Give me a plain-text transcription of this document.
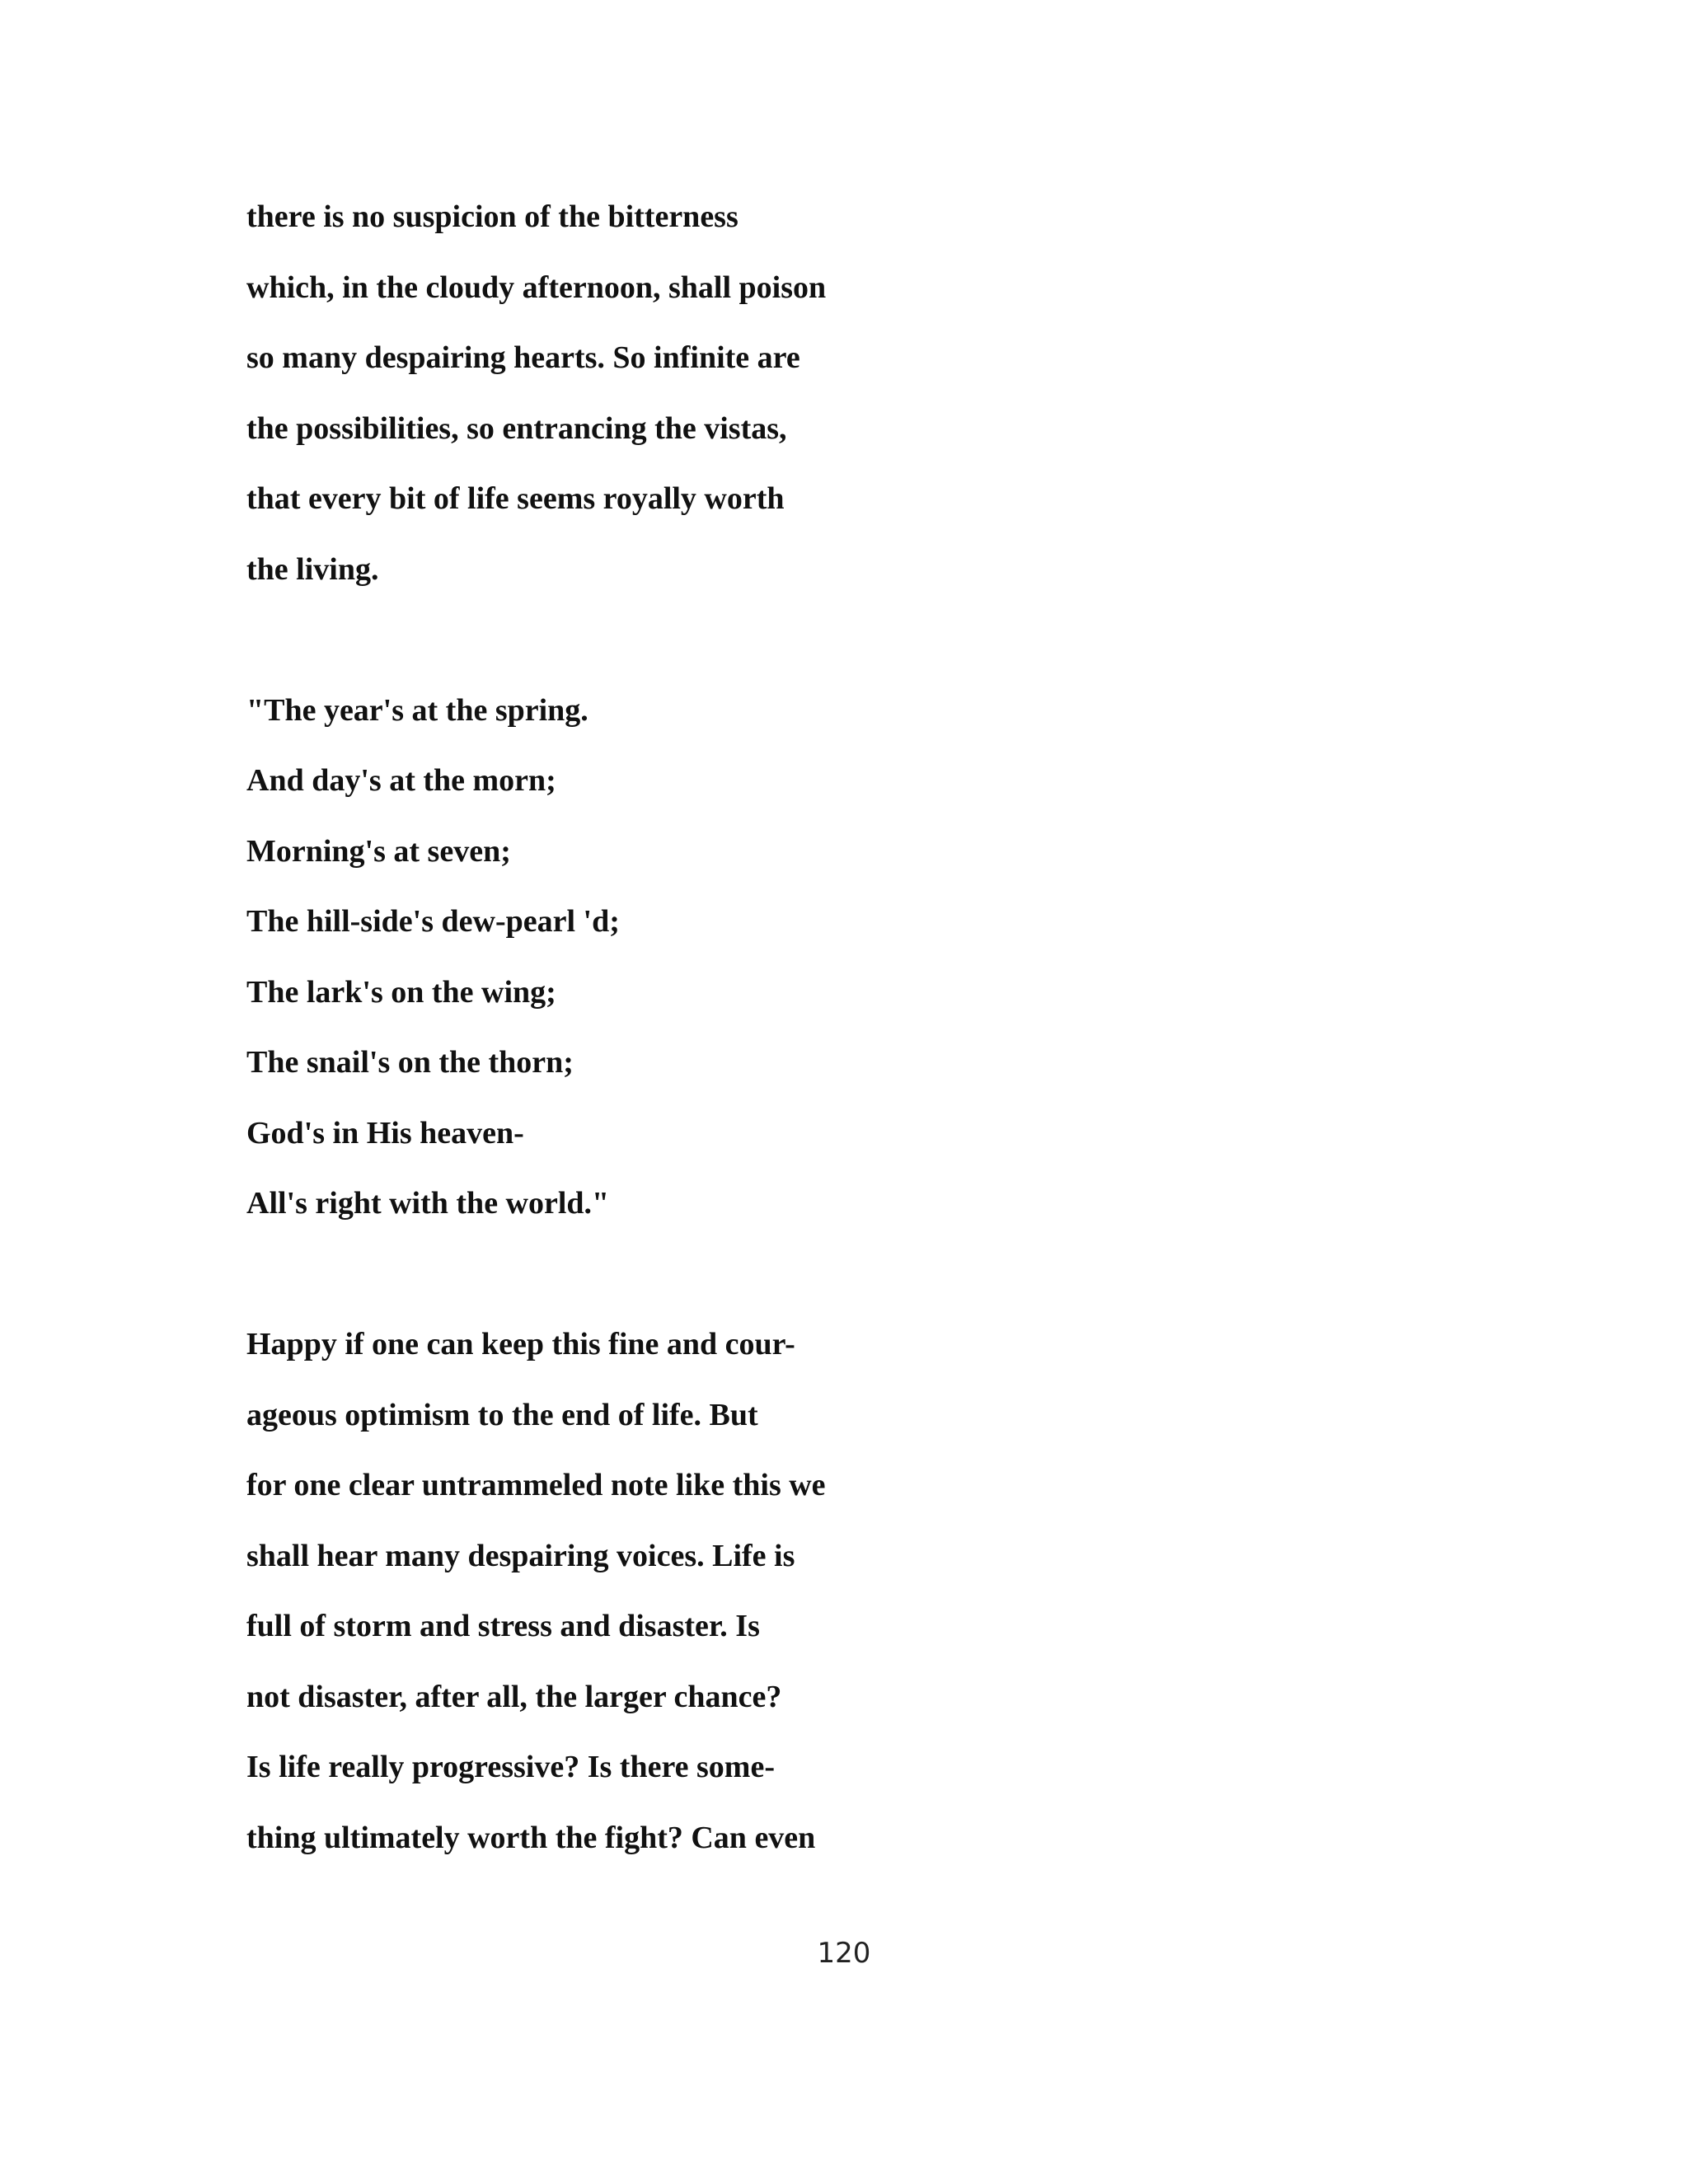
there is no suspicion of the bitterness
which, in the cloudy afternoon, shall poison
so many despairing hearts. So infinite are
the possibilities, so entrancing the vistas,
that every bit of life seems royally worth
the living.
"The year's at the spring.
And day's at the morn;
Morning's at seven;
The hill-side's dew-pearl 'd;
The lark's on the wing;
The snail's on the thorn;
God's in His heaven-
All's right with the world."
Happy if one can keep this fine and cour-
ageous optimism to the end of life. But
for one clear untrammeled note like this we
shall hear many despairing voices. Life is
full of storm and stress and disaster. Is
not disaster, after all, the larger chance?
Is life really progressive? Is there some-
thing ultimately worth the fight? Can even
120
